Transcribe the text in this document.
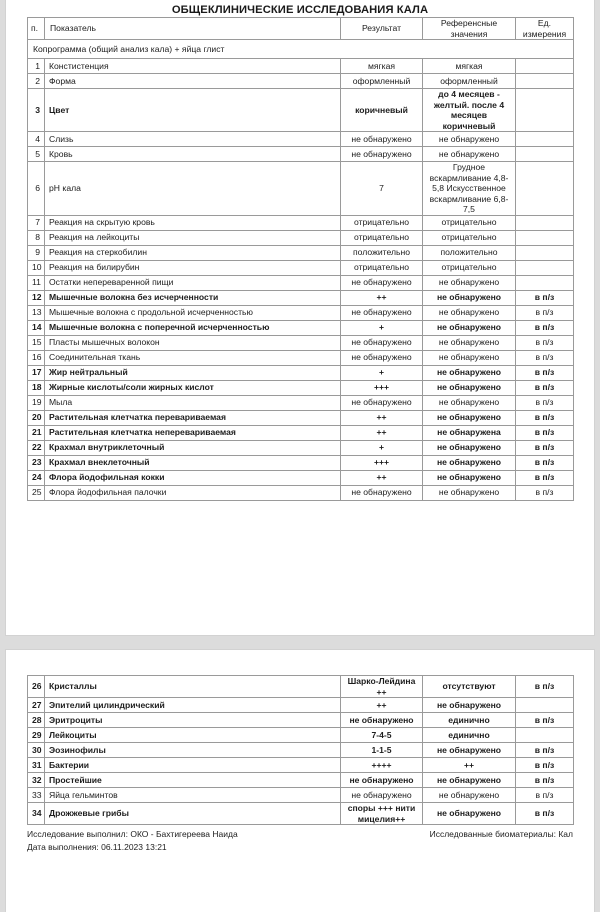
ОБЩЕКЛИНИЧЕСКИЕ ИССЛЕДОВАНИЯ КАЛА
п.	Показатель	Результат	Референсные
значения	Ед.
измерения
Копрограмма (общий анализ кала) + яйца глист				
1	Констистенция	мягкая	мягкая	
2	Форма	оформленный	оформленный	
3	Цвет	коричневый	до 4 месяцев - желтый. после 4 месяцев коричневый	
4	Слизь	не обнаружено	не обнаружено	
5	Кровь	не обнаружено	не обнаружено	
6	pH кала	7	Грудное вскармливание 4,8-5,8 Искусственное вскармливание 6,8-7,5	
7	Реакция на скрытую кровь	отрицательно	отрицательно	
8	Реакция на лейкоциты	отрицательно	отрицательно	
9	Реакция на стеркобилин	положительно	положительно	
10	Реакция на билирубин	отрицательно	отрицательно	
11	Остатки непереваренной пищи	не обнаружено	не обнаружено	
12	Мышечные волокна без исчерченности	++	не обнаружено	в п/з
13	Мышечные волокна с продольной исчерченностью	не обнаружено	не обнаружено	в п/з
14	Мышечные волокна с поперечной исчерченностью	+	не обнаружено	в п/з
15	Пласты мышечных волокон	не обнаружено	не обнаружено	в п/з
16	Соединительная ткань	не обнаружено	не обнаружено	в п/з
17	Жир нейтральный	+	не обнаружено	в п/з
18	Жирные кислоты/соли жирных кислот	+++	не обнаружено	в п/з
19	Мыла	не обнаружено	не обнаружено	в п/з
20	Растительная клетчатка перевариваемая	++	не обнаружено	в п/з
21	Растительная клетчатка неперевариваемая	++	не обнаружена	в п/з
22	Крахмал внутриклеточный	+	не обнаружено	в п/з
23	Крахмал внеклеточный	+++	не обнаружено	в п/з
24	Флора йодофильная кокки	++	не обнаружено	в п/з
25	Флора йодофильная палочки	не обнаружено	не обнаружено	в п/з
26	Кристаллы	Шарко-Лейдина ++	отсутствуют	в п/з
27	Эпителий цилиндрический	++	не обнаружено	
28	Эритроциты	не обнаружено	единично	в п/з
29	Лейкоциты	7-4-5	единично	
30	Эозинофилы	1-1-5	не обнаружено	в п/з
31	Бактерии	++++	++	в п/з
32	Простейшие	не обнаружено	не обнаружено	в п/з
33	Яйца гельминтов	не обнаружено	не обнаружено	в п/з
34	Дрожжевые грибы	споры +++ нити мицелия++	не обнаружено	в п/з
Исследование выполнил: ОКО - Бахтигереева Наида	Исследованные биоматериалы: Кал
Дата выполнения: 06.11.2023 13:21
